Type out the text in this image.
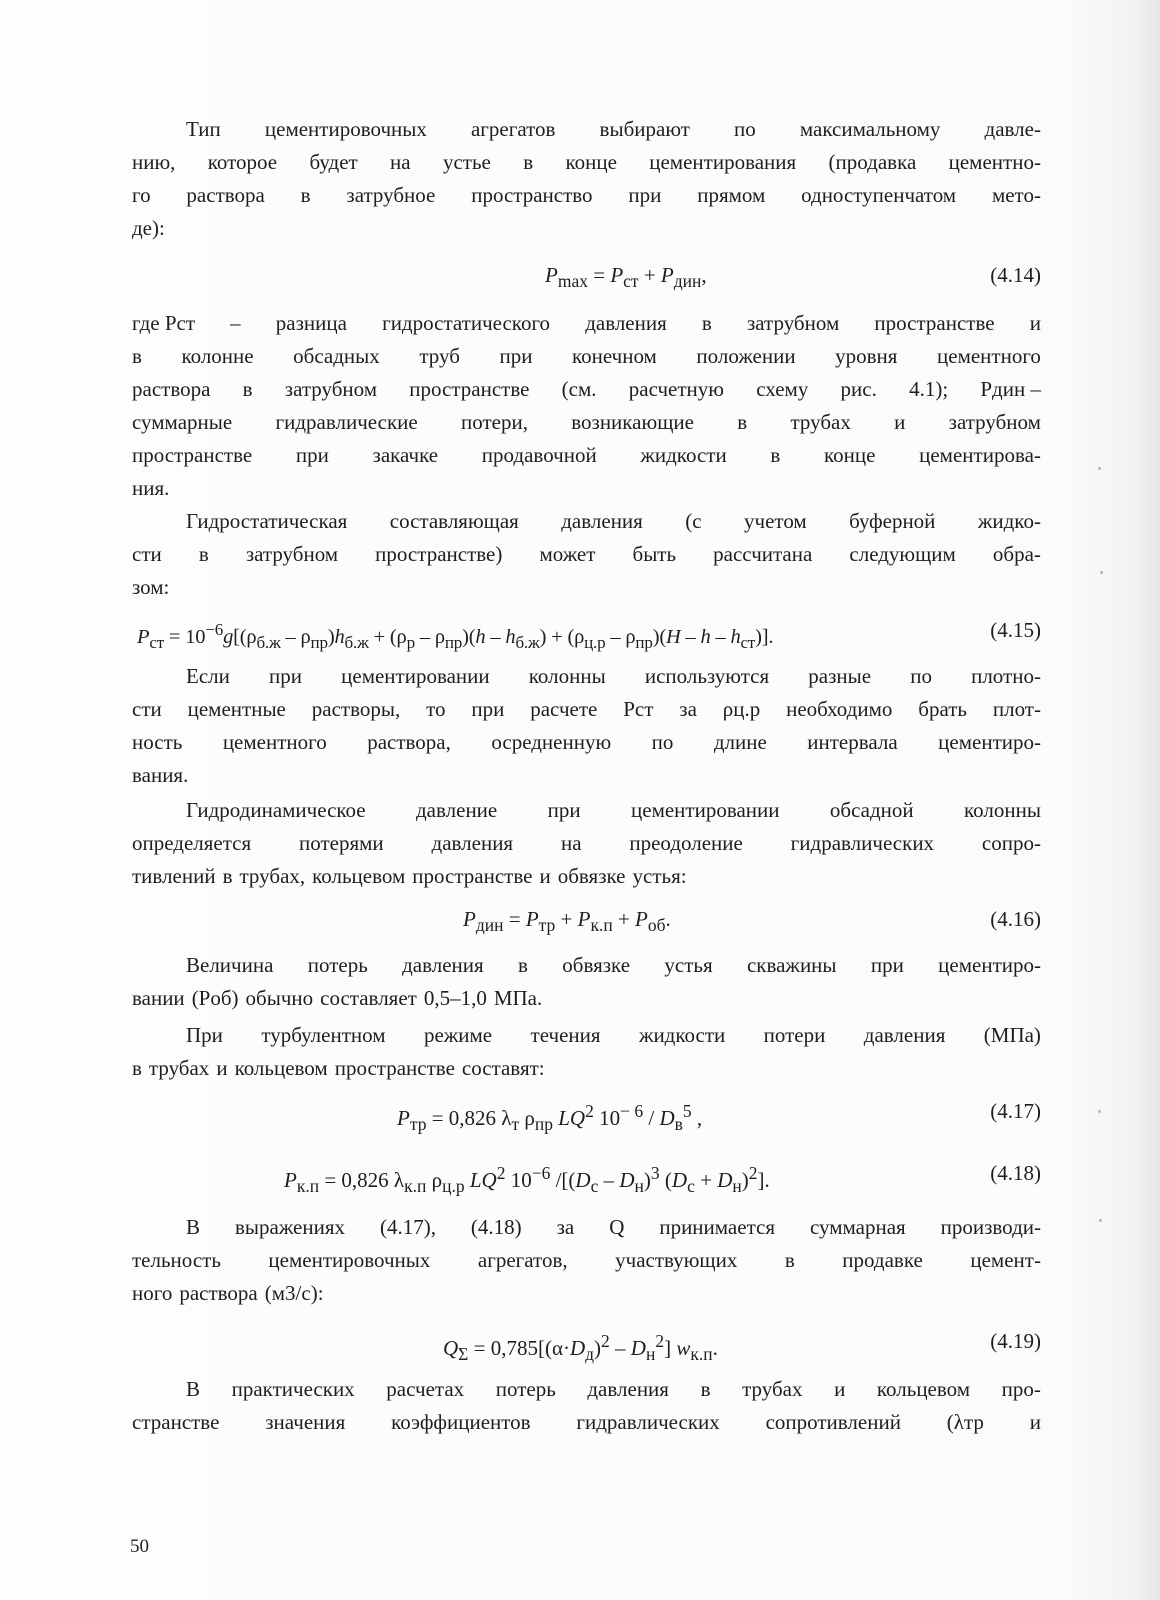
Тип цементировочных агрегатов выбирают по максимальному давле-
нию, которое будет на устье в конце цементирования (продавка цементно-
го раствора в затрубное пространство при прямом одноступенчатом мето-
де):
$P_{max} = P_{ст} + P_{дин}$,	(4.14)
где Pст – разница гидростатического давления в затрубном пространстве и
в колонне обсадных труб при конечном положении уровня цементного
раствора в затрубном пространстве (см. расчетную схему рис. 4.1); Pдин –
суммарные гидравлические потери, возникающие в трубах и затрубном
пространстве при закачке продавочной жидкости в конце цементирова-
ния.
Гидростатическая составляющая давления (с учетом буферной жидко-
сти в затрубном пространстве) может быть рассчитана следующим обра-
зом:
$P_{ст} = 10^{-6}g[(\rho_{б.ж} - \rho_{пр})h_{б.ж} + (\rho_р - \rho_{пр})(h - h_{б.ж}) + (\rho_{ц.р} - \rho_{пр})(H - h - h_{ст})]$.	(4.15)
Если при цементировании колонны используются разные по плотно-
сти цементные растворы, то при расчете Pст за ρц.р необходимо брать плот-
ность цементного раствора, осредненную по длине интервала цементиро-
вания.
Гидродинамическое давление при цементировании обсадной колонны
определяется потерями давления на преодоление гидравлических сопро-
тивлений в трубах, кольцевом пространстве и обвязке устья:
$P_{дин} = P_{тр} + P_{к.п} + P_{об}$.	(4.16)
Величина потерь давления в обвязке устья скважины при цементиро-
вании (Pоб) обычно составляет 0,5–1,0 МПа.
При турбулентном режиме течения жидкости потери давления (МПа)
в трубах и кольцевом пространстве составят:
$P_{тр} = 0,826$ $\lambda_т$ $\rho_{пр}$ $LQ^2$ $10^{- 6} / D_в^5$ ,	(4.17)
$P_{к.п} = 0,826$ $\lambda_{к.п}$ $\rho_{ц.р}$ $LQ^2$ $10^{-6}$ $/[(D_с - D_н)^3$ $(D_с + D_н)^2$].	(4.18)
В выражениях (4.17), (4.18) за Q принимается суммарная производи-
тельность цементировочных агрегатов, участвующих в продавке цемент-
ного раствора (м3/с):
$Q_\Sigma = 0,785[(\alpha\cdot D_д)^2 - D_н^2]$ $w_{к.п}$.	(4.19)
В практических расчетах потерь давления в трубах и кольцевом про-
странстве значения коэффициентов гидравлических сопротивлений (λтр и
50
